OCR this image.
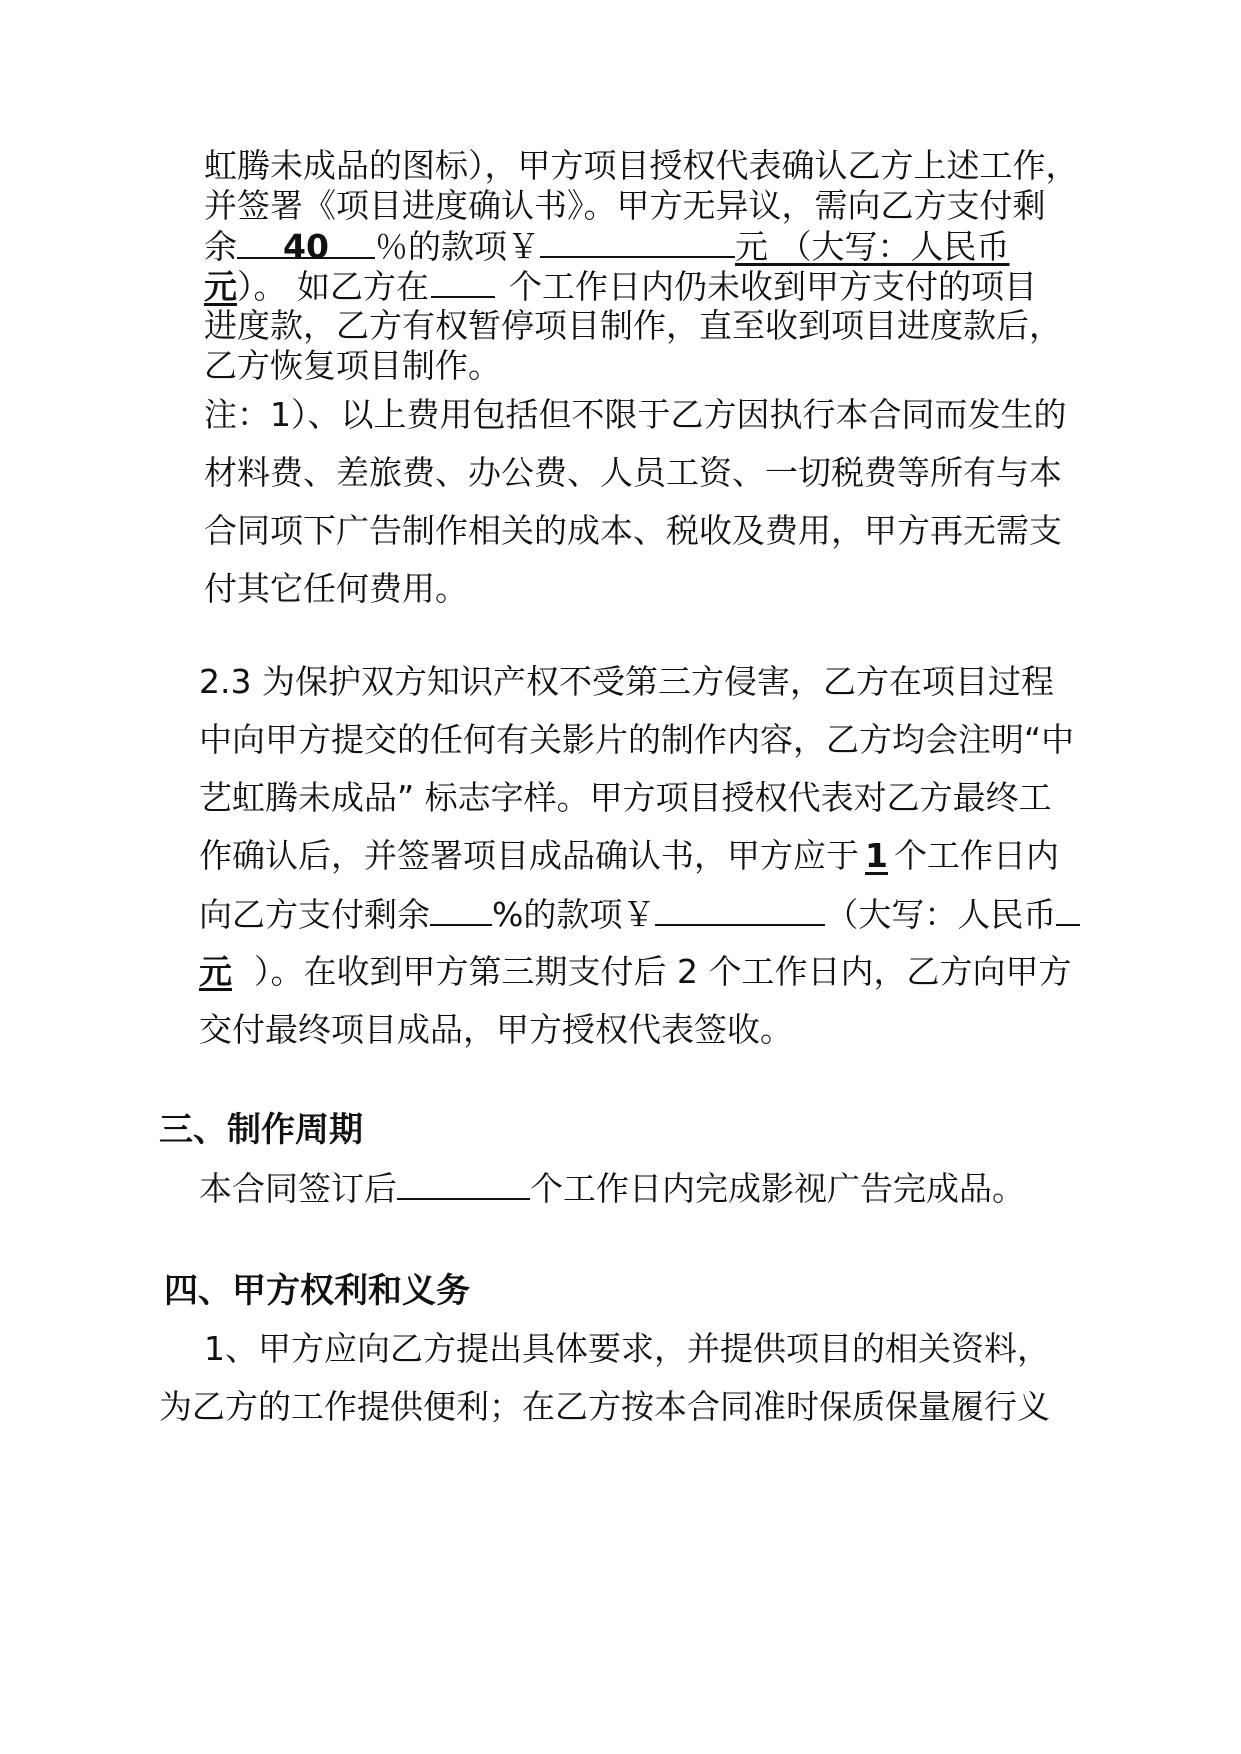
虹腾未成品的图标），甲方项目授权代表确认乙方上述工作，
并签署《项目进度确认书》。甲方无异议，需向乙方支付剩
余 40 ％的款项￥	元 （大写：人民币
元）。 如乙方在 个工作日内仍未收到甲方支付的项目
进度款，乙方有权暂停项目制作，直至收到项目进度款后，
乙方恢复项目制作。
注：1）、以上费用包括但不限于乙方因执行本合同而发生的
材料费、差旅费、办公费、人员工资、一切税费等所有与本
合同项下广告制作相关的成本、税收及费用，甲方再无需支
付其它任何费用。
2.3 为保护双方知识产权不受第三方侵害，乙方在项目过程
中向甲方提交的任何有关影片的制作内容，乙方均会注明“中
艺虹腾未成品” 标志字样。甲方项目授权代表对乙方最终工
作确认后，并签署项目成品确认书，甲方应于 1 个工作日内
向乙方支付剩余 %的款项￥	（大写：人民币
元 ）。在收到甲方第三期支付后 2 个工作日内，乙方向甲方
交付最终项目成品，甲方授权代表签收。
三、制作周期
本合同签订后	个工作日内完成影视广告完成品。
四、甲方权利和义务
1、甲方应向乙方提出具体要求，并提供项目的相关资料，
为乙方的工作提供便利；在乙方按本合同准时保质保量履行义
